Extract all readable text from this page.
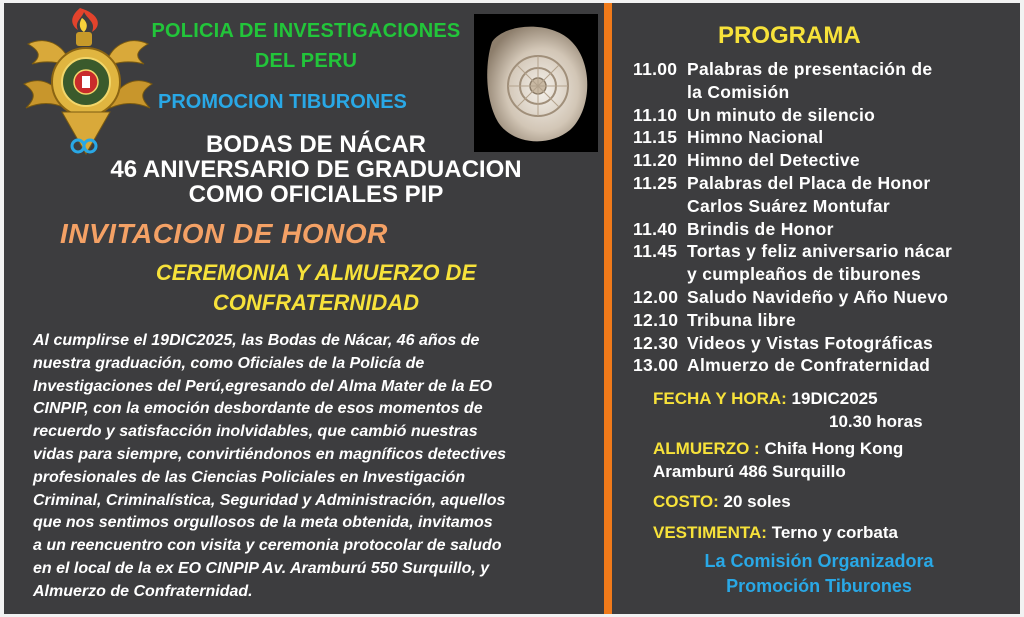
POLICIA DE INVESTIGACIONES
DEL PERU
PROMOCION TIBURONES
BODAS DE NÁCAR
46 ANIVERSARIO DE GRADUACION
COMO OFICIALES PIP
INVITACION DE HONOR
CEREMONIA Y ALMUERZO DE
CONFRATERNIDAD
Al cumplirse el 19DIC2025, las Bodas de Nácar, 46 años de
nuestra graduación, como Oficiales de la Policía de
Investigaciones del Perú,egresando del Alma Mater de la EO
CINPIP, con la emoción desbordante de esos momentos de
recuerdo y satisfacción inolvidables, que cambió nuestras
vidas para siempre, convirtiéndonos en magníficos detectives
profesionales de las Ciencias Policiales en Investigación
Criminal, Criminalística, Seguridad y Administración, aquellos
que nos sentimos orgullosos de la meta obtenida, invitamos
a un reencuentro con visita y ceremonia protocolar de saludo
en el local de la ex EO CINPIP Av. Aramburú 550 Surquillo, y
Almuerzo de Confraternidad.
PROGRAMA
11.00 Palabras de presentación de
la Comisión
11.10 Un minuto de silencio
11.15 Himno Nacional
11.20 Himno del Detective
11.25 Palabras del Placa de Honor
Carlos Suárez Montufar
11.40 Brindis de Honor
11.45 Tortas y feliz aniversario nácar
y cumpleaños de tiburones
12.00 Saludo Navideño y Año Nuevo
12.10 Tribuna libre
12.30 Videos y Vistas Fotográficas
13.00 Almuerzo de Confraternidad
FECHA Y HORA: 19DIC2025
10.30 horas
ALMUERZO : Chifa Hong Kong
Aramburú 486 Surquillo
COSTO: 20 soles
VESTIMENTA: Terno y corbata
La Comisión Organizadora
Promoción Tiburones
